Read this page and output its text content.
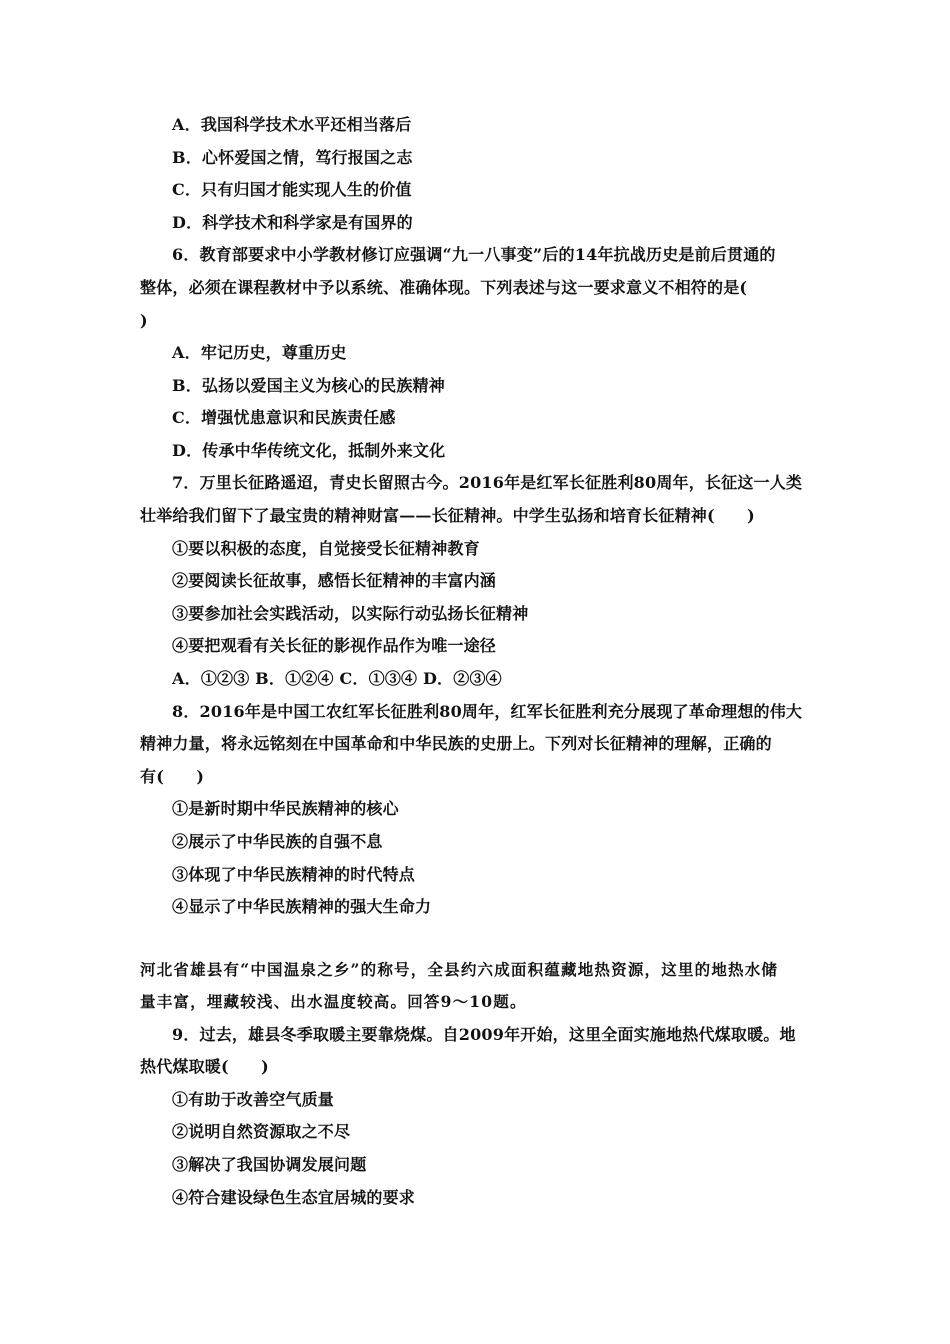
A．我国科学技术水平还相当落后
B．心怀爱国之情，笃行报国之志
C．只有归国才能实现人生的价值
D．科学技术和科学家是有国界的
6．教育部要求中小学教材修订应强调“九一八事变”后的14年抗战历史是前后贯通的
整体，必须在课程教材中予以系统、准确体现。下列表述与这一要求意义不相符的是(
)
A．牢记历史，尊重历史
B．弘扬以爱国主义为核心的民族精神
C．增强忧患意识和民族责任感
D．传承中华传统文化，抵制外来文化
7．万里长征路遥迢，青史长留照古今。2016年是红军长征胜利80周年，长征这一人类
壮举给我们留下了最宝贵的精神财富——长征精神。中学生弘扬和培育长征精神(　　)
①要以积极的态度，自觉接受长征精神教育
②要阅读长征故事，感悟长征精神的丰富内涵
③要参加社会实践活动，以实际行动弘扬长征精神
④要把观看有关长征的影视作品作为唯一途径
A．①②③ B．①②④ C．①③④ D．②③④
8．2016年是中国工农红军长征胜利80周年，红军长征胜利充分展现了革命理想的伟大
精神力量，将永远铭刻在中国革命和中华民族的史册上。下列对长征精神的理解，正确的
有(　　)
①是新时期中华民族精神的核心
②展示了中华民族的自强不息
③体现了中华民族精神的时代特点
④显示了中华民族精神的强大生命力
河北省雄县有“中国温泉之乡”的称号，全县约六成面积蕴藏地热资源，这里的地热水储
量丰富，埋藏较浅、出水温度较高。回答9～10题。
9．过去，雄县冬季取暖主要靠烧煤。自2009年开始，这里全面实施地热代煤取暖。地
热代煤取暖(　　)
①有助于改善空气质量
②说明自然资源取之不尽
③解决了我国协调发展问题
④符合建设绿色生态宜居城的要求
